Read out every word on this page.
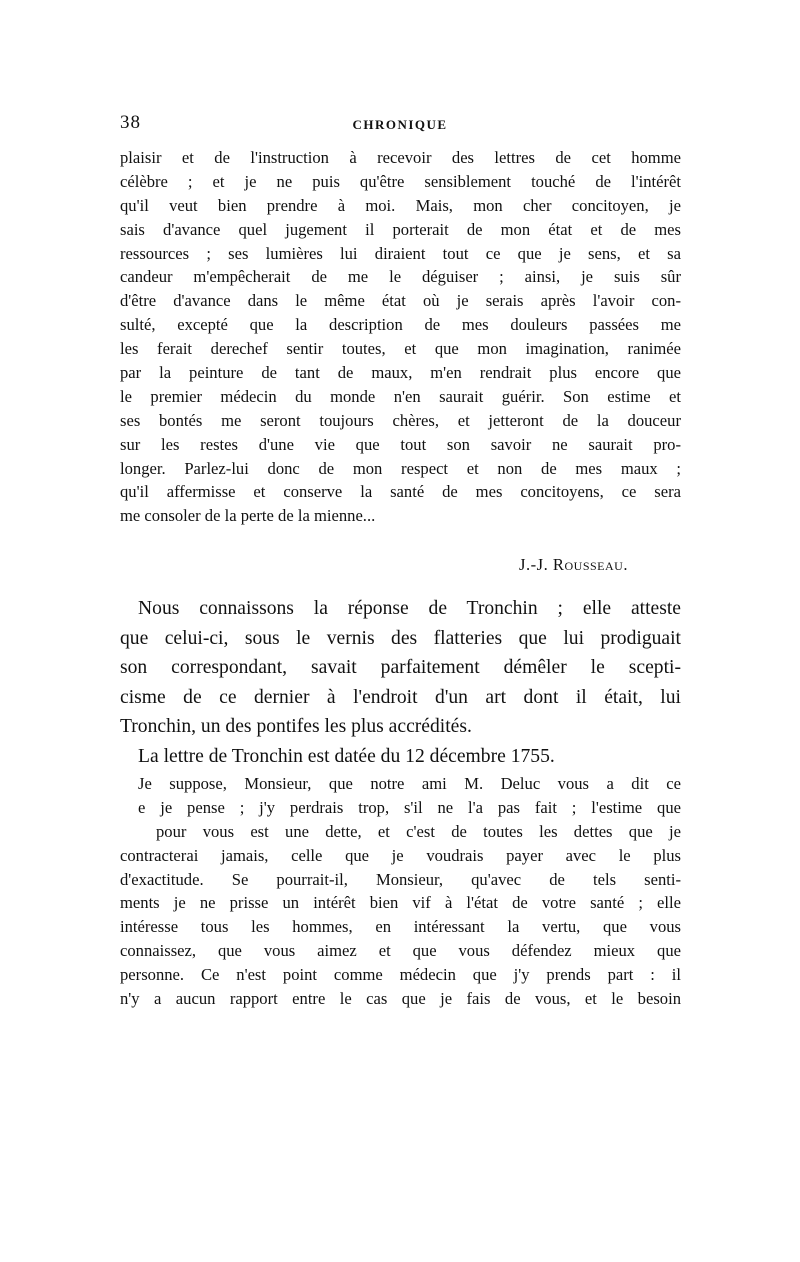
38	CHRONIQUE
plaisir et de l'instruction à recevoir des lettres de cet homme
célèbre ; et je ne puis qu'être sensiblement touché de l'intérêt
qu'il veut bien prendre à moi. Mais, mon cher concitoyen, je
sais d'avance quel jugement il porterait de mon état et de mes
ressources ; ses lumières lui diraient tout ce que je sens, et sa
candeur m'empêcherait de me le déguiser ; ainsi, je suis sûr
d'être d'avance dans le même état où je serais après l'avoir con-
sulté, excepté que la description de mes douleurs passées me
les ferait derechef sentir toutes, et que mon imagination, ranimée
par la peinture de tant de maux, m'en rendrait plus encore que
le premier médecin du monde n'en saurait guérir. Son estime et
ses bontés me seront toujours chères, et jetteront de la douceur
sur les restes d'une vie que tout son savoir ne saurait pro-
longer. Parlez-lui donc de mon respect et non de mes maux ;
qu'il affermisse et conserve la santé de mes concitoyens, ce sera
me consoler de la perte de la mienne...
J.-J. Rousseau.
Nous connaissons la réponse de Tronchin ; elle atteste
que celui-ci, sous le vernis des flatteries que lui prodiguait
son correspondant, savait parfaitement démêler le scepti-
cisme de ce dernier à l'endroit d'un art dont il était, lui
Tronchin, un des pontifes les plus accrédités.
La lettre de Tronchin est datée du 12 décembre 1755.
Je suppose, Monsieur, que notre ami M. Deluc vous a dit ce
e je pense ; j'y perdrais trop, s'il ne l'a pas fait ; l'estime que
pour vous est une dette, et c'est de toutes les dettes que je
contracterai jamais, celle que je voudrais payer avec le plus
d'exactitude. Se pourrait-il, Monsieur, qu'avec de tels senti-
ments je ne prisse un intérêt bien vif à l'état de votre santé ; elle
intéresse tous les hommes, en intéressant la vertu, que vous
connaissez, que vous aimez et que vous défendez mieux que
personne. Ce n'est point comme médecin que j'y prends part : il
n'y a aucun rapport entre le cas que je fais de vous, et le besoin
